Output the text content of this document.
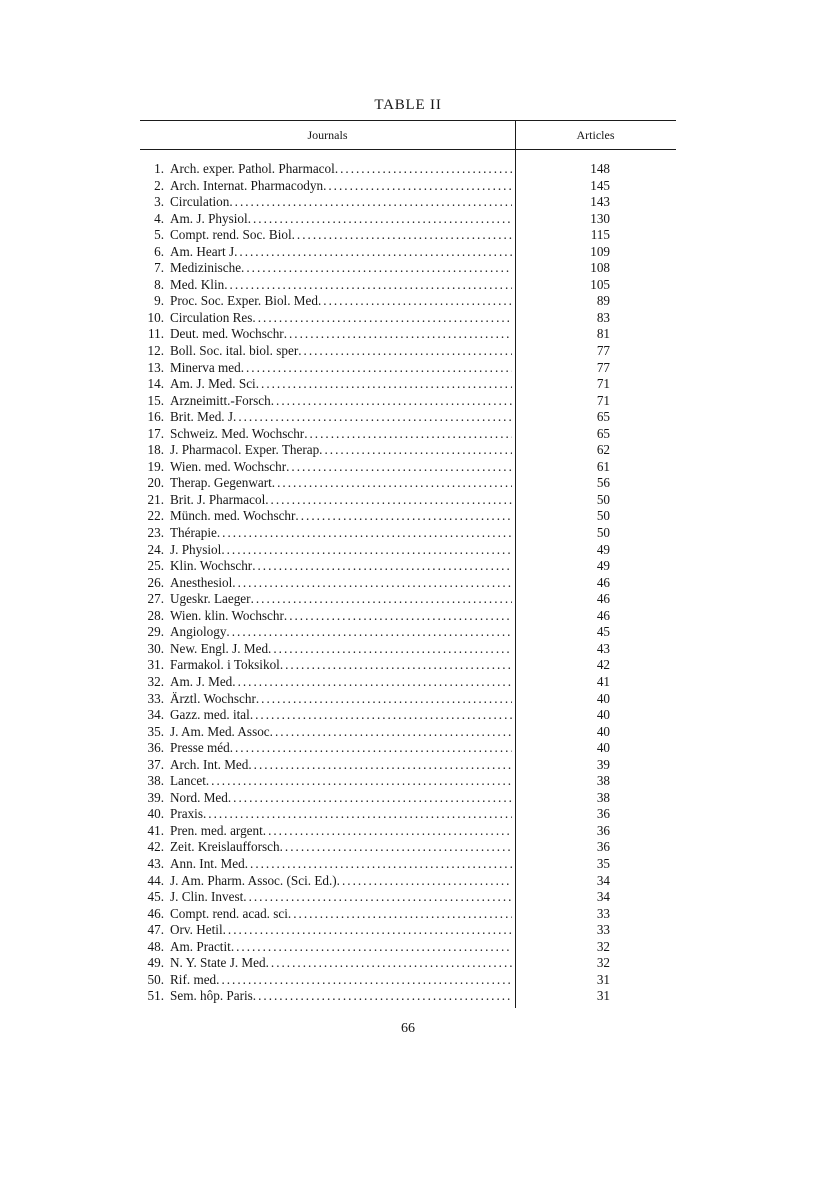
TABLE II
Journals	Articles
1. Arch. exper. Pathol. Pharmacol .....	148
2. Arch. Internat. Pharmacodyn .....	145
3. Circulation .....	143
4. Am. J. Physiol .....	130
5. Compt. rend. Soc. Biol .....	115
6. Am. Heart J .....	109
7. Medizinische .....	108
8. Med. Klin .....	105
9. Proc. Soc. Exper. Biol. Med .....	89
10. Circulation Res .....	83
11. Deut. med. Wochschr .....	81
12. Boll. Soc. ital. biol. sper .....	77
13. Minerva med .....	77
14. Am. J. Med. Sci .....	71
15. Arzneimitt.-Forsch .....	71
16. Brit. Med. J .....	65
17. Schweiz. Med. Wochschr .....	65
18. J. Pharmacol. Exper. Therap .....	62
19. Wien. med. Wochschr .....	61
20. Therap. Gegenwart .....	56
21. Brit. J. Pharmacol .....	50
22. Münch. med. Wochschr .....	50
23. Thérapie .....	50
24. J. Physiol .....	49
25. Klin. Wochschr .....	49
26. Anesthesiol .....	46
27. Ugeskr. Laeger .....	46
28. Wien. klin. Wochschr .....	46
29. Angiology .....	45
30. New. Engl. J. Med .....	43
31. Farmakol. i Toksikol .....	42
32. Am. J. Med .....	41
33. Ärztl. Wochschr .....	40
34. Gazz. med. ital .....	40
35. J. Am. Med. Assoc .....	40
36. Presse méd .....	40
37. Arch. Int. Med .....	39
38. Lancet .....	38
39. Nord. Med .....	38
40. Praxis .....	36
41. Pren. med. argent .....	36
42. Zeit. Kreislaufforsch .....	36
43. Ann. Int. Med .....	35
44. J. Am. Pharm. Assoc. (Sci. Ed.) .....	34
45. J. Clin. Invest .....	34
46. Compt. rend. acad. sci .....	33
47. Orv. Hetil .....	33
48. Am. Practit .....	32
49. N. Y. State J. Med .....	32
50. Rif. med .....	31
51. Sem. hôp. Paris .....	31
66
